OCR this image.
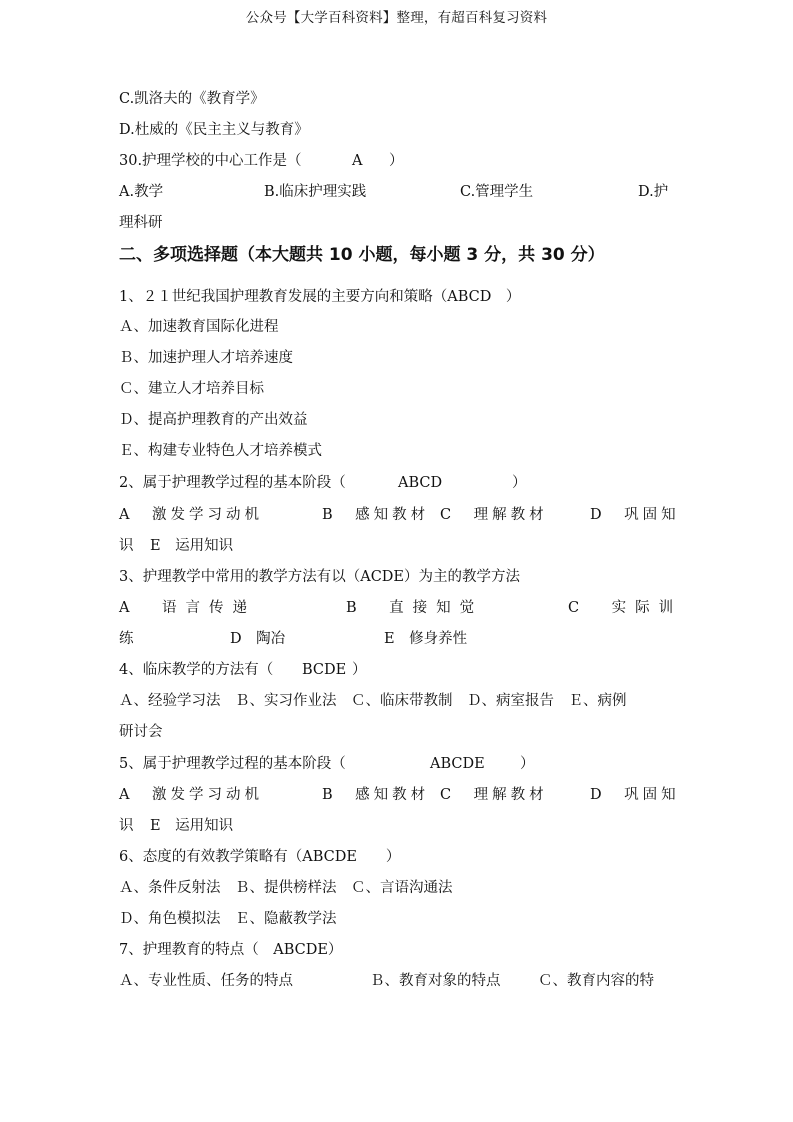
公众号【大学百科资料】整理，有超百科复习资料
C.凯洛夫的《教育学》
D.杜威的《民主主义与教育》
30.护理学校的中心工作是（	A ）
A.教学	B.临床护理实践	C.管理学生	D.护
理科研
二、多项选择题（本大题共 10 小题，每小题 3 分，共 30 分）
1、２１世纪我国护理教育发展的主要方向和策略（ABCD　）
Ａ、加速教育国际化进程
Ｂ、加速护理人才培养速度
Ｃ、建立人才培养目标
Ｄ、提高护理教育的产出效益
Ｅ、构建专业特色人才培养模式
2、属于护理教学过程的基本阶段（	ABCD	）
A　激发学习动机	B　感知教材 C　理解教材	D　巩固知
识 E　运用知识
3、护理教学中常用的教学方法有以（ACDE）为主的教学方法
A　语言传递	B　直接知觉	C　实际训
练	D　陶冶	E　修身养性
4、临床教学的方法有（ BCDE ）
Ａ、经验学习法　Ｂ、实习作业法　Ｃ、临床带教制　Ｄ、病室报告　Ｅ、病例
研讨会
5、属于护理教学过程的基本阶段（	ABCDE ）
A　激发学习动机	B　感知教材 C　理解教材	D　巩固知
识 E　运用知识
6、态度的有效教学策略有（ABCDE　　）
Ａ、条件反射法　Ｂ、提供榜样法　Ｃ、言语沟通法
Ｄ、角色模拟法　Ｅ、隐蔽教学法
7、护理教育的特点（　ABCDE）
Ａ、专业性质、任务的特点	Ｂ、教育对象的特点	Ｃ、教育内容的特
